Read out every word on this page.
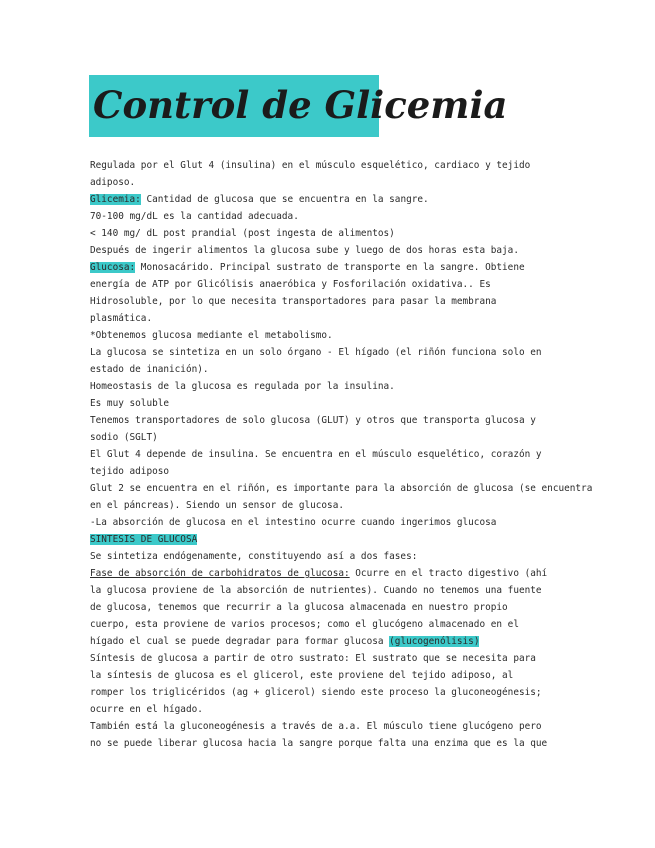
Control de Glicemia
Regulada por el Glut 4 (insulina) en el músculo esquelético, cardiaco y tejido
adiposo.
Glicemia: Cantidad de glucosa que se encuentra en la sangre.
70-100 mg/dL es la cantidad adecuada.
< 140 mg/ dL post prandial (post ingesta de alimentos)
Después de ingerir alimentos la glucosa sube y luego de dos horas esta baja.
Glucosa: Monosacárido. Principal sustrato de transporte en la sangre. Obtiene
energía de ATP por Glicólisis anaeróbica y Fosforilación oxidativa.. Es
Hidrosoluble, por lo que necesita transportadores para pasar la membrana
plasmática.
*Obtenemos glucosa mediante el metabolismo.
La glucosa se sintetiza en un solo órgano - El hígado (el riñón funciona solo en
estado de inanición).
Homeostasis de la glucosa es regulada por la insulina.
Es muy soluble
Tenemos transportadores de solo glucosa (GLUT) y otros que transporta glucosa y
sodio (SGLT)
El Glut 4 depende de insulina. Se encuentra en el músculo esquelético, corazón y
tejido adiposo
Glut 2 se encuentra en el riñón, es importante para la absorción de glucosa (se encuentra
en el páncreas). Siendo un sensor de glucosa.
-La absorción de glucosa en el intestino ocurre cuando ingerimos glucosa
SINTESIS DE GLUCOSA
Se sintetiza endógenamente, constituyendo así a dos fases:
Fase de absorción de carbohidratos de glucosa: Ocurre en el tracto digestivo (ahí
la glucosa proviene de la absorción de nutrientes). Cuando no tenemos una fuente
de glucosa, tenemos que recurrir a la glucosa almacenada en nuestro propio
cuerpo, esta proviene de varios procesos; como el glucógeno almacenado en el
hígado el cual se puede degradar para formar glucosa (glucogenólisis)
Síntesis de glucosa a partir de otro sustrato: El sustrato que se necesita para
la síntesis de glucosa es el glicerol, este proviene del tejido adiposo, al
romper los triglicéridos (ag + glicerol) siendo este proceso la gluconeogénesis;
ocurre en el hígado.
También está la gluconeogénesis a través de a.a. El músculo tiene glucógeno pero
no se puede liberar glucosa hacia la sangre porque falta una enzima que es la que
